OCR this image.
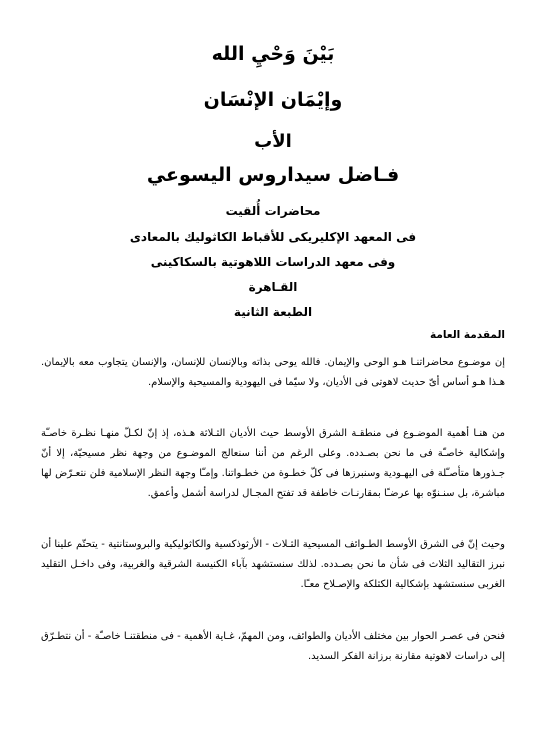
بَيْنَ وَحْيِ الله
وإيْمَان الإنْسَان
الأب
فـاضل سيداروس اليسوعي
محاضرات أُلقيت
فى المعهد الإكليريكى للأقباط الكاثوليك بالمعادى
وفى معهد الدراسات اللاهوتية بالسكاكينى
القـاهرة
الطبعة الثانية
المقدمة العامة

إن موضـوع محاضراتنـا هـو الوحى والإيمان. فالله يوحى بذاته وبالإنسان للإنسان، والإنسان يتجاوب معه بالإيمان. هـذا هـو أساس أىّ حديث لاهوتى فى الأديان، ولا سيّما فى اليهودية والمسيحية والإسلام.

من هنـا أهمية الموضـوع فى منطقـة الشرق الأوسط حيث الأديان الثـلاثة هـذه، إذ إنّ لكـلّ منهـا نظـرة خاصـّة وإشكالية خاصـّة فى ما نحن بصـدده. وعلى الرغم من أننا سنعالج الموضـوع من وجهة نظر مسيحيّة، إلا أنّ جـذورها متأصـّلة فى اليهـودية وسنبرزها فى كلّ خطـوة من خطـواتنا. وإمـّا وجهة النظر الإسلامية فلن نتعـرّض لها مباشرة، بل سنـنوّه بها عرضـًا بمقارنـات خاطفة قد تفتح المجـال لدراسة أشمل وأعمق.

وحيث إنّ فى الشرق الأوسط الطـوائف المسيحية الثـلاث - الأرثوذكسية والكاثوليكية والبروستانتية - يتحتّم علينا أن نبرز التقاليد الثلاث فى شأن ما نحن بصـدده. لذلك سنستشهد بآباء الكنيسة الشرقية والغربية، وفى داخـل التقليد الغربى سنستشهد بإشكالية الكثلكة والإصـلاح معـًا.

فنحن فى عصـر الحوار بين مختلف الأديان والطوائف، ومن المهمّ، غـاية الأهمية - فى منطقتنـا خاصـّة - أن نتطـرّق إلى دراسات لاهوتية مقارنة برزانة الفكر السديد.
